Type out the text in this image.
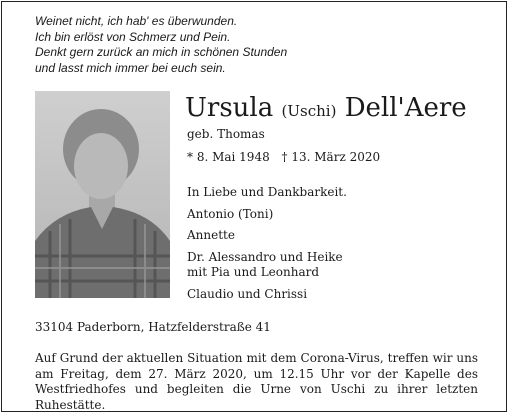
Weinet nicht, ich hab' es überwunden.
Ich bin erlöst von Schmerz und Pein.
Denkt gern zurück an mich in schönen Stunden
und lasst mich immer bei euch sein.
Ursula (Uschi) Dell'Aere
geb. Thomas
* 8. Mai 1948 † 13. März 2020
In Liebe und Dankbarkeit.
Antonio (Toni)
Annette
Dr. Alessandro und Heike
mit Pia und Leonhard
Claudio und Chrissi
33104 Paderborn, Hatzfelderstraße 41
Auf Grund der aktuellen Situation mit dem Corona-Virus, treffen wir uns am Freitag, dem 27. März 2020, um 12.15 Uhr vor der Kapelle des Westfriedhofes und begleiten die Urne von Uschi zu ihrer letzten Ruhestätte.
